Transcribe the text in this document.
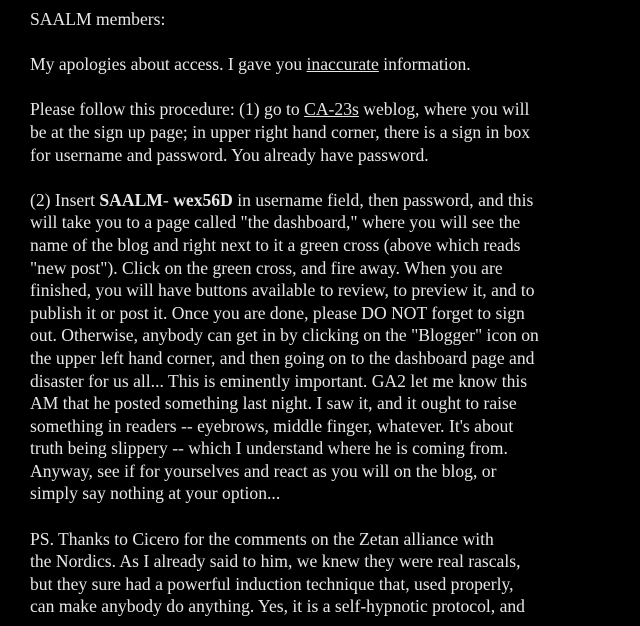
SAALM members:

My apologies about access. I gave you inaccurate information.

Please follow this procedure: (1) go to CA-23s weblog, where you will

be at the sign up page; in upper right hand corner, there is a sign in box

for username and password. You already have password.

(2) Insert SAALM- wex56D in username field, then password, and this

will take you to a page called "the dashboard," where you will see the

name of the blog and right next to it a green cross (above which reads

"new post"). Click on the green cross, and fire away. When you are

finished, you will have buttons available to review, to preview it, and to

publish it or post it. Once you are done, please DO NOT forget to sign

out. Otherwise, anybody can get in by clicking on the "Blogger" icon on

the upper left hand corner, and then going on to the dashboard page and

disaster for us all... This is eminently important. GA2 let me know this

AM that he posted something last night. I saw it, and it ought to raise

something in readers -- eyebrows, middle finger, whatever. It's about

truth being slippery -- which I understand where he is coming from.

Anyway, see if for yourselves and react as you will on the blog, or

simply say nothing at your option...

PS. Thanks to Cicero for the comments on the Zetan alliance with

the Nordics. As I already said to him, we knew they were real rascals,

but they sure had a powerful induction technique that, used properly,

can make anybody do anything. Yes, it is a self-hypnotic protocol, and
